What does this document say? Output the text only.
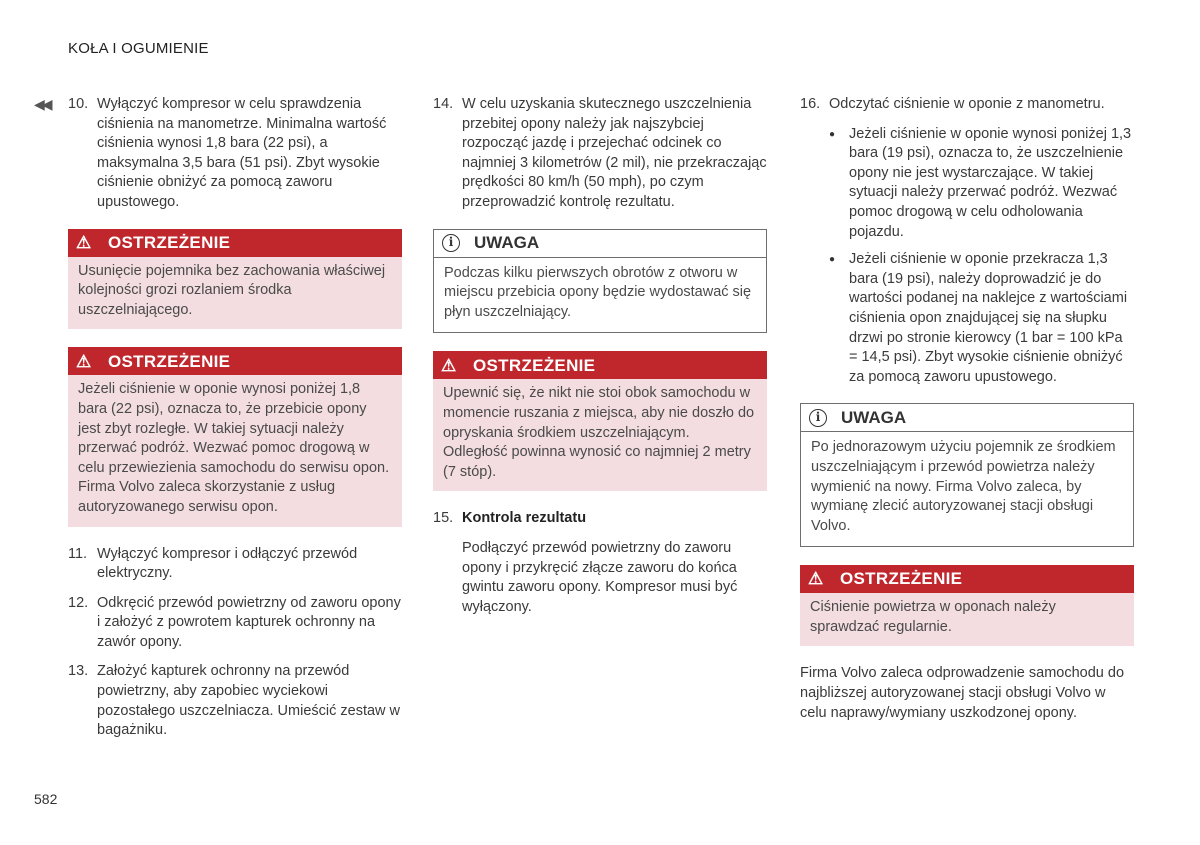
KOŁA I OGUMIENIE
◀◀ 10. Wyłączyć kompresor w celu sprawdzenia ciśnienia na manometrze. Minimalna wartość ciśnienia wynosi 1,8 bara (22 psi), a maksymalna 3,5 bara (51 psi). Zbyt wysokie ciśnienie obniżyć za pomocą zaworu upustowego.
⚠ OSTRZEŻENIE
Usunięcie pojemnika bez zachowania właściwej kolejności grozi rozlaniem środka uszczelniającego.
⚠ OSTRZEŻENIE
Jeżeli ciśnienie w oponie wynosi poniżej 1,8 bara (22 psi), oznacza to, że przebicie opony jest zbyt rozległe. W takiej sytuacji należy przerwać podróż. Wezwać pomoc drogową w celu przewiezienia samochodu do serwisu opon. Firma Volvo zaleca skorzystanie z usług autoryzowanego serwisu opon.
11. Wyłączyć kompresor i odłączyć przewód elektryczny.
12. Odkręcić przewód powietrzny od zaworu opony i założyć z powrotem kapturek ochronny na zawór opony.
13. Założyć kapturek ochronny na przewód powietrzny, aby zapobiec wyciekowi pozostałego uszczelniacza. Umieścić zestaw w bagażniku.
14. W celu uzyskania skutecznego uszczelnienia przebitej opony należy jak najszybciej rozpocząć jazdę i przejechać odcinek co najmniej 3 kilometrów (2 mil), nie przekraczając prędkości 80 km/h (50 mph), po czym przeprowadzić kontrolę rezultatu.
i	UWAGA
Podczas kilku pierwszych obrotów z otworu w miejscu przebicia opony będzie wydostawać się płyn uszczelniający.
⚠ OSTRZEŻENIE
Upewnić się, że nikt nie stoi obok samochodu w momencie ruszania z miejsca, aby nie doszło do opryskania środkiem uszczelniającym. Odległość powinna wynosić co najmniej 2 metry (7 stóp).
15. Kontrola rezultatu
Podłączyć przewód powietrzny do zaworu opony i przykręcić złącze zaworu do końca gwintu zaworu opony. Kompresor musi być wyłączony.
16. Odczytać ciśnienie w oponie z manometru.
● Jeżeli ciśnienie w oponie wynosi poniżej 1,3 bara (19 psi), oznacza to, że uszczelnienie opony nie jest wystarczające. W takiej sytuacji należy przerwać podróż. Wezwać pomoc drogową w celu odholowania pojazdu.
● Jeżeli ciśnienie w oponie przekracza 1,3 bara (19 psi), należy doprowadzić je do wartości podanej na naklejce z wartościami ciśnienia opon znajdującej się na słupku drzwi po stronie kierowcy (1 bar = 100 kPa = 14,5 psi). Zbyt wysokie ciśnienie obniżyć za pomocą zaworu upustowego.
i	UWAGA
Po jednorazowym użyciu pojemnik ze środkiem uszczelniającym i przewód powietrza należy wymienić na nowy. Firma Volvo zaleca, by wymianę zlecić autoryzowanej stacji obsługi Volvo.
⚠ OSTRZEŻENIE
Ciśnienie powietrza w oponach należy sprawdzać regularnie.
Firma Volvo zaleca odprowadzenie samochodu do najbliższej autoryzowanej stacji obsługi Volvo w celu naprawy/wymiany uszkodzonej opony.
582
